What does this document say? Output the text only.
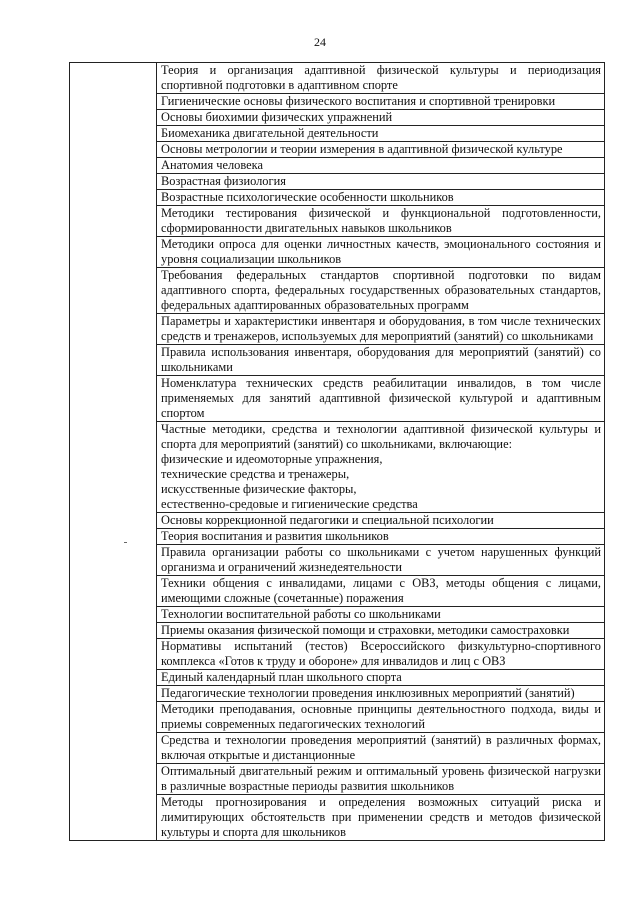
24
	Теория и организация адаптивной физической культуры и периодизация спортивной подготовки в адаптивном спорте
Гигиенические основы физического воспитания и спортивной тренировки
Основы биохимии физических упражнений
Биомеханика двигательной деятельности
Основы метрологии и теории измерения в адаптивной физической культуре
Анатомия человека
Возрастная физиология
Возрастные психологические особенности школьников
Методики тестирования физической и функциональной подготовленности, сформированности двигательных навыков школьников
Методики опроса для оценки личностных качеств, эмоционального состояния и уровня социализации школьников
Требования федеральных стандартов спортивной подготовки по видам адаптивного спорта, федеральных государственных образовательных стандартов, федеральных адаптированных образовательных программ
Параметры и характеристики инвентаря и оборудования, в том числе технических средств и тренажеров, используемых для мероприятий (занятий) со школьниками
Правила использования инвентаря, оборудования для мероприятий (занятий) со школьниками
Номенклатура технических средств реабилитации инвалидов, в том числе применяемых для занятий адаптивной физической культурой и адаптивным спортом

Частные методики, средства и технологии адаптивной физической культуры и спорта для мероприятий (занятий) со школьниками, включающие:
физические и идеомоторные упражнения,
технические средства и тренажеры,
искусственные физические факторы,
естественно-средовые и гигиенические средства

Основы коррекционной педагогики и специальной психологии
Теория воспитания и развития школьников
Правила организации работы со школьниками с учетом нарушенных функций организма и ограничений жизнедеятельности
Техники общения с инвалидами, лицами с ОВЗ, методы общения с лицами, имеющими сложные (сочетанные) поражения
Технологии воспитательной работы со школьниками
Приемы оказания физической помощи и страховки, методики самостраховки
Нормативы испытаний (тестов) Всероссийского физкультурно-спортивного комплекса «Готов к труду и обороне» для инвалидов и лиц с ОВЗ
Единый календарный план школьного спорта
Педагогические технологии проведения инклюзивных мероприятий (занятий)
Методики преподавания, основные принципы деятельностного подхода, виды и приемы современных педагогических технологий
Средства и технологии проведения мероприятий (занятий) в различных формах, включая открытые и дистанционные
Оптимальный двигательный режим и оптимальный уровень физической нагрузки в различные возрастные периоды развития школьников
Методы прогнозирования и определения возможных ситуаций риска и лимитирующих обстоятельств при применении средств и методов физической культуры и спорта для школьников
